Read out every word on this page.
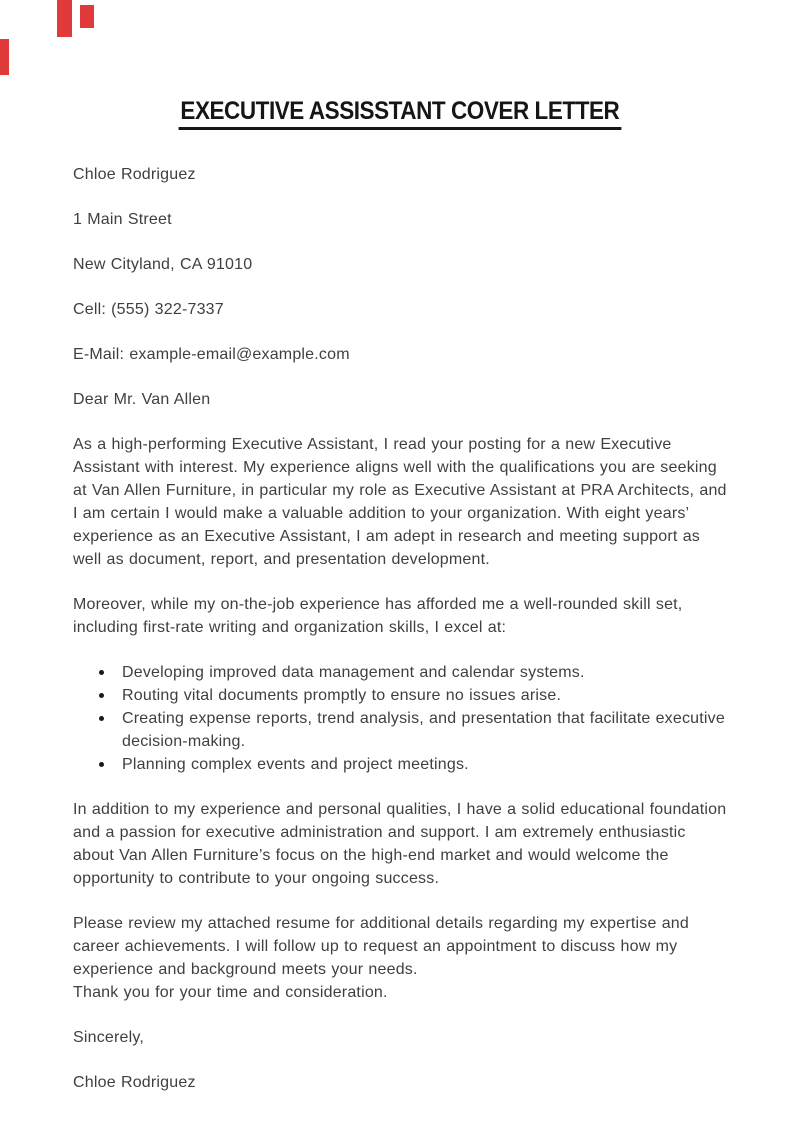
EXECUTIVE ASSISSTANT COVER LETTER

Chloe Rodriguez

1 Main Street

New Cityland, CA 91010

Cell: (555) 322-7337

E-Mail: example-email@example.com

Dear Mr. Van Allen

As a high-performing Executive Assistant, I read your posting for a new Executive Assistant with interest. My experience aligns well with the qualifications you are seeking at Van Allen Furniture, in particular my role as Executive Assistant at PRA Architects, and I am certain I would make a valuable addition to your organization. With eight years’ experience as an Executive Assistant, I am adept in research and meeting support as well as document, report, and presentation development.

Moreover, while my on-the-job experience has afforded me a well-rounded skill set, including first-rate writing and organization skills, I excel at:

Developing improved data management and calendar systems.
Routing vital documents promptly to ensure no issues arise.
Creating expense reports, trend analysis, and presentation that facilitate executive decision-making.
Planning complex events and project meetings.

In addition to my experience and personal qualities, I have a solid educational foundation and a passion for executive administration and support. I am extremely enthusiastic about Van Allen Furniture’s focus on the high-end market and would welcome the opportunity to contribute to your ongoing success.

Please review my attached resume for additional details regarding my expertise and career achievements. I will follow up to request an appointment to discuss how my experience and background meets your needs.

Thank you for your time and consideration.

Sincerely,

Chloe Rodriguez
